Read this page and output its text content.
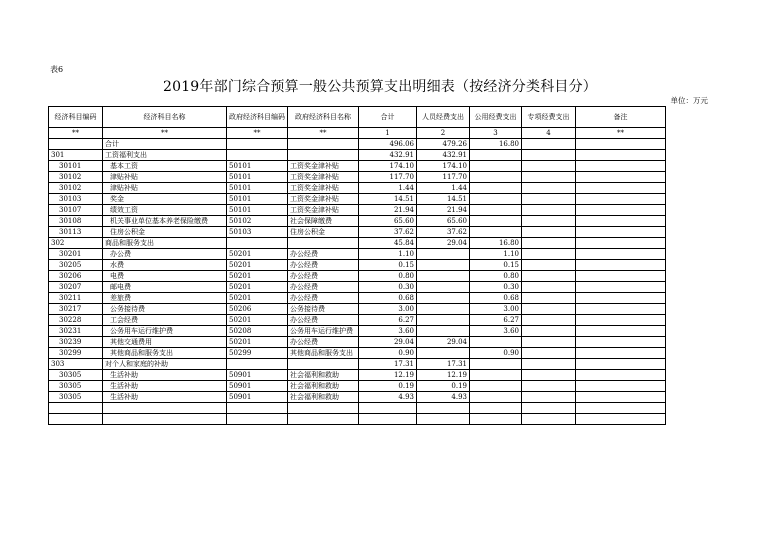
表6
2019年部门综合预算一般公共预算支出明细表（按经济分类科目分）
单位：万元
经济科目编码	经济科目名称	政府经济科目编码	政府经济科目名称	合计	人员经费支出	公用经费支出	专项经费支出	备注
**	**	**	**	1	2	3	4	**
	合计			496.06	479.26	16.80		
301	工资福利支出			432.91	432.91			
30101	基本工资	50101	工资奖金津补贴	174.10	174.10			
30102	津贴补贴	50101	工资奖金津补贴	117.70	117.70			
30102	津贴补贴	50101	工资奖金津补贴	1.44	1.44			
30103	奖金	50101	工资奖金津补贴	14.51	14.51			
30107	绩效工资	50101	工资奖金津补贴	21.94	21.94			
30108	机关事业单位基本养老保险缴费	50102	社会保障缴费	65.60	65.60			
30113	住房公积金	50103	住房公积金	37.62	37.62			
302	商品和服务支出			45.84	29.04	16.80		
30201	办公费	50201	办公经费	1.10		1.10		
30205	水费	50201	办公经费	0.15		0.15		
30206	电费	50201	办公经费	0.80		0.80		
30207	邮电费	50201	办公经费	0.30		0.30		
30211	差旅费	50201	办公经费	0.68		0.68		
30217	公务接待费	50206	公务接待费	3.00		3.00		
30228	工会经费	50201	办公经费	6.27		6.27		
30231	公务用车运行维护费	50208	公务用车运行维护费	3.60		3.60		
30239	其他交通费用	50201	办公经费	29.04	29.04			
30299	其他商品和服务支出	50299	其他商品和服务支出	0.90		0.90		
303	对个人和家庭的补助			17.31	17.31			
30305	生活补助	50901	社会福利和救助	12.19	12.19			
30305	生活补助	50901	社会福利和救助	0.19	0.19			
30305	生活补助	50901	社会福利和救助	4.93	4.93			
